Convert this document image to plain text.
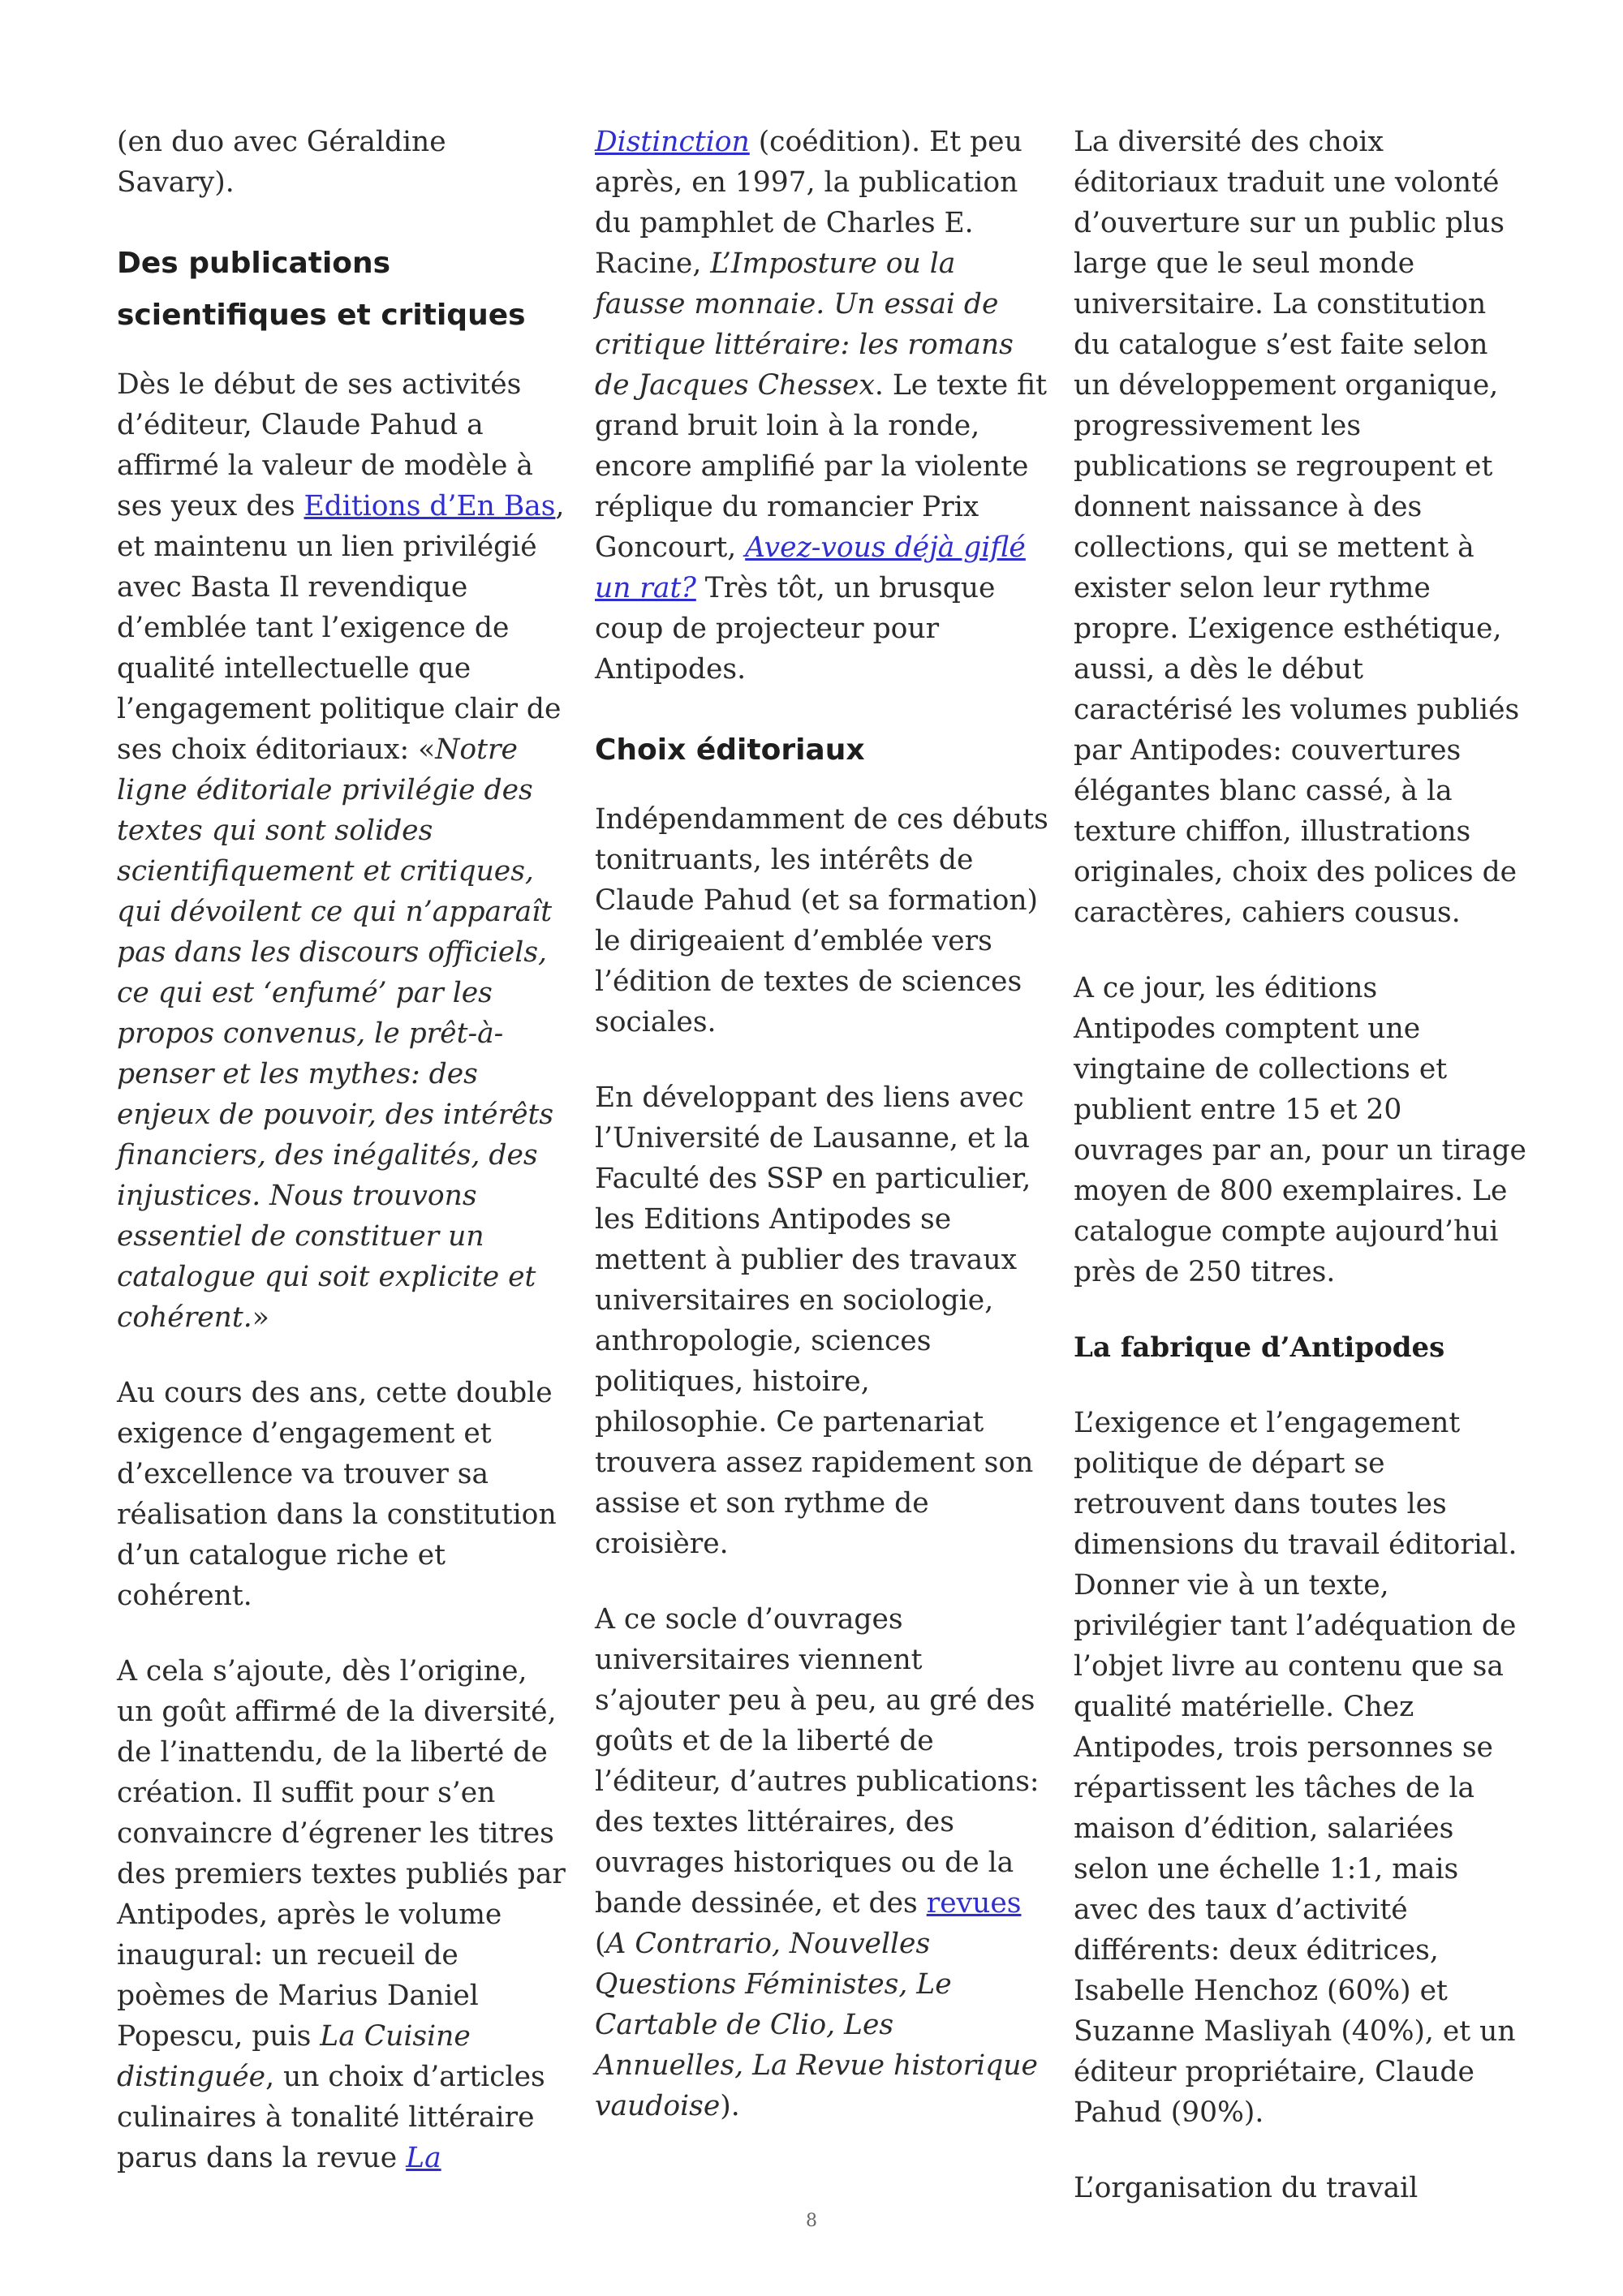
(en duo avec Géraldine Savary).

Des publications scientifiques et critiques

Dès le début de ses activités d’éditeur, Claude Pahud a affirmé la valeur de modèle à ses yeux des Editions d’En Bas, et maintenu un lien privilégié avec Basta Il revendique d’emblée tant l’exigence de qualité intellectuelle que l’engagement politique clair de ses choix éditoriaux: «Notre ligne éditoriale privilégie des textes qui sont solides scientifiquement et critiques, qui dévoilent ce qui n’apparaît pas dans les discours officiels, ce qui est ‘enfumé’ par les propos convenus, le prêt-à-penser et les mythes: des enjeux de pouvoir, des intérêts financiers, des inégalités, des injustices. Nous trouvons essentiel de constituer un catalogue qui soit explicite et cohérent.»

Au cours des ans, cette double exigence d’engagement et d’excellence va trouver sa réalisation dans la constitution d’un catalogue riche et cohérent.

A cela s’ajoute, dès l’origine, un goût affirmé de la diversité, de l’inattendu, de la liberté de création. Il suffit pour s’en convaincre d’égrener les titres des premiers textes publiés par Antipodes, après le volume inaugural: un recueil de poèmes de Marius Daniel Popescu, puis La Cuisine distinguée, un choix d’articles culinaires à tonalité littéraire parus dans la revue La

Distinction (coédition). Et peu après, en 1997, la publication du pamphlet de Charles E. Racine, L’Imposture ou la fausse monnaie. Un essai de critique littéraire: les romans de Jacques Chessex. Le texte fit grand bruit loin à la ronde, encore amplifié par la violente réplique du romancier Prix Goncourt, Avez-vous déjà giflé un rat? Très tôt, un brusque coup de projecteur pour Antipodes.

Choix éditoriaux

Indépendamment de ces débuts tonitruants, les intérêts de Claude Pahud (et sa formation) le dirigeaient d’emblée vers l’édition de textes de sciences sociales.

En développant des liens avec l’Université de Lausanne, et la Faculté des SSP en particulier, les Editions Antipodes se mettent à publier des travaux universitaires en sociologie, anthropologie, sciences politiques, histoire, philosophie. Ce partenariat trouvera assez rapidement son assise et son rythme de croisière.

A ce socle d’ouvrages universitaires viennent s’ajouter peu à peu, au gré des goûts et de la liberté de l’éditeur, d’autres publications: des textes littéraires, des ouvrages historiques ou de la bande dessinée, et des revues (A Contrario, Nouvelles Questions Féministes, Le Cartable de Clio, Les Annuelles, La Revue historique vaudoise).

La diversité des choix éditoriaux traduit une volonté d’ouverture sur un public plus large que le seul monde universitaire. La constitution du catalogue s’est faite selon un développement organique, progressivement les publications se regroupent et donnent naissance à des collections, qui se mettent à exister selon leur rythme propre. L’exigence esthétique, aussi, a dès le début caractérisé les volumes publiés par Antipodes: couvertures élégantes blanc cassé, à la texture chiffon, illustrations originales, choix des polices de caractères, cahiers cousus.

A ce jour, les éditions Antipodes comptent une vingtaine de collections et publient entre 15 et 20 ouvrages par an, pour un tirage moyen de 800 exemplaires. Le catalogue compte aujourd’hui près de 250 titres.

La fabrique d’Antipodes

L’exigence et l’engagement politique de départ se retrouvent dans toutes les dimensions du travail éditorial. Donner vie à un texte, privilégier tant l’adéquation de l’objet livre au contenu que sa qualité matérielle. Chez Antipodes, trois personnes se répartissent les tâches de la maison d’édition, salariées selon une échelle 1:1, mais avec des taux d’activité différents: deux éditrices, Isabelle Henchoz (60%) et Suzanne Masliyah (40%), et un éditeur propriétaire, Claude Pahud (90%).

L’organisation du travail

8
